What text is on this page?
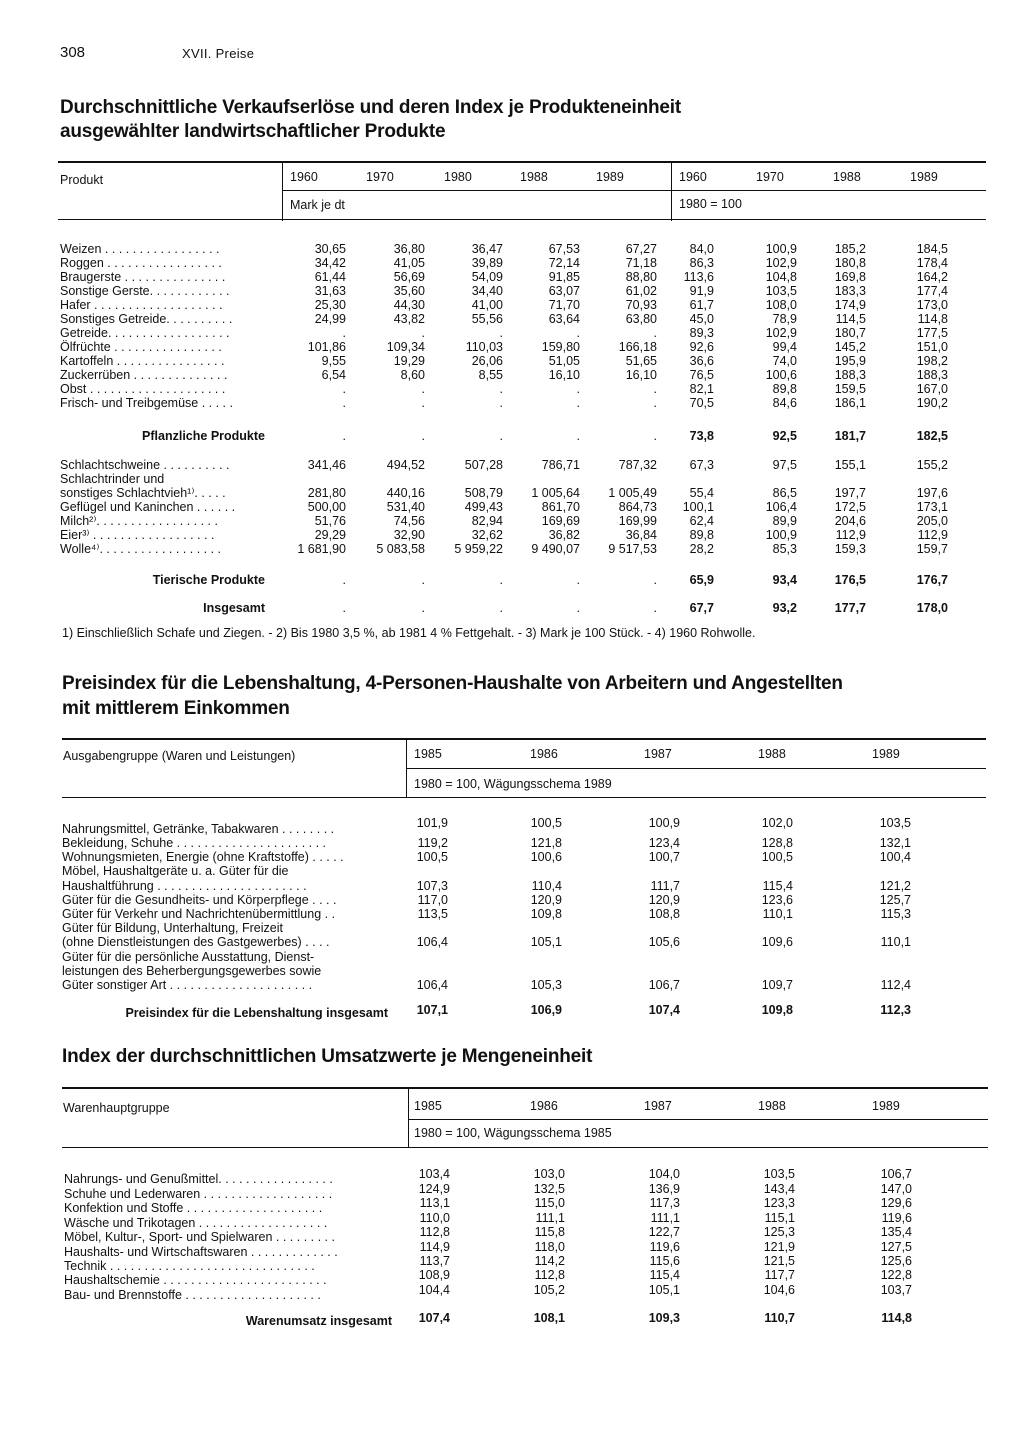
308	XVII. Preise
Durchschnittliche Verkaufserlöse und deren Index je Produkteneinheit
ausgewählter landwirtschaftlicher Produkte
Produkt
Mark je dt	1980 = 100
1) Einschließlich Schafe und Ziegen. - 2) Bis 1980 3,5 %, ab 1981 4 % Fettgehalt. - 3) Mark je 100 Stück. - 4) 1960 Rohwolle.
Preisindex für die Lebenshaltung, 4-Personen-Haushalte von Arbeitern und Angestellten
mit mittlerem Einkommen
Ausgabengruppe (Waren und Leistungen)
1980 = 100, Wägungsschema 1989
Index der durchschnittlichen Umsatzwerte je Mengeneinheit
Warenhauptgruppe
1980 = 100, Wägungsschema 1985
1960	1970	1980	1988	1989	1960	1970	1988	1989
Weizen . . . . . . . . . . . . . . . . .	30,65	36,80	36,47	67,53	67,27	84,0	100,9	185,2	184,5
Roggen . . . . . . . . . . . . . . . . .	34,42	41,05	39,89	72,14	71,18	86,3	102,9	180,8	178,4
Braugerste . . . . . . . . . . . . . . .	61,44	56,69	54,09	91,85	88,80	113,6	104,8	169,8	164,2
Sonstige Gerste. . . . . . . . . . . .	31,63	35,60	34,40	63,07	61,02	91,9	103,5	183,3	177,4
Hafer . . . . . . . . . . . . . . . . . . .	25,30	44,30	41,00	71,70	70,93	61,7	108,0	174,9	173,0
Sonstiges Getreide. . . . . . . . . .	24,99	43,82	55,56	63,64	63,80	45,0	78,9	114,5	114,8
Getreide. . . . . . . . . . . . . . . . . .	.	.	.	.	.	89,3	102,9	180,7	177,5
Ölfrüchte . . . . . . . . . . . . . . . .	101,86	109,34	110,03	159,80	166,18	92,6	99,4	145,2	151,0
Kartoffeln . . . . . . . . . . . . . . . .	9,55	19,29	26,06	51,05	51,65	36,6	74,0	195,9	198,2
Zuckerrüben . . . . . . . . . . . . . .	6,54	8,60	8,55	16,10	16,10	76,5	100,6	188,3	188,3
Obst . . . . . . . . . . . . . . . . . . . .	.	.	.	.	.	82,1	89,8	159,5	167,0
Frisch- und Treibgemüse . . . . .	.	.	.	.	.	70,5	84,6	186,1	190,2
Pflanzliche Produkte	.	.	.	.	.	73,8	92,5	181,7	182,5
Schlachtschweine . . . . . . . . . .	341,46	494,52	507,28	786,71	787,32	67,3	97,5	155,1	155,2
Schlachtrinder und
sonstiges Schlachtvieh¹⁾. . . . .	281,80	440,16	508,79	1 005,64	1 005,49	55,4	86,5	197,7	197,6
Geflügel und Kaninchen . . . . . .	500,00	531,40	499,43	861,70	864,73	100,1	106,4	172,5	173,1
Milch²⁾. . . . . . . . . . . . . . . . . .	51,76	74,56	82,94	169,69	169,99	62,4	89,9	204,6	205,0
Eier³⁾ . . . . . . . . . . . . . . . . . .	29,29	32,90	32,62	36,82	36,84	89,8	100,9	112,9	112,9
Wolle⁴⁾. . . . . . . . . . . . . . . . . .	1 681,90	5 083,58	5 959,22	9 490,07	9 517,53	28,2	85,3	159,3	159,7
Tierische Produkte	.	.	.	.	.	65,9	93,4	176,5	176,7
Insgesamt	.	.	.	.	.	67,7	93,2	177,7	178,0
1985	1986	1987	1988	1989
Nahrungsmittel, Getränke, Tabakwaren . . . . . . . .	101,9	100,5	100,9	102,0	103,5
Bekleidung, Schuhe . . . . . . . . . . . . . . . . . . . . . .	119,2	121,8	123,4	128,8	132,1
Wohnungsmieten, Energie (ohne Kraftstoffe) . . . . .	100,5	100,6	100,7	100,5	100,4
Möbel, Haushaltgeräte u. a. Güter für die
Haushaltführung . . . . . . . . . . . . . . . . . . . . . .	107,3	110,4	111,7	115,4	121,2
Güter für die Gesundheits- und Körperpflege . . . .	117,0	120,9	120,9	123,6	125,7
Güter für Verkehr und Nachrichtenübermittlung . .	113,5	109,8	108,8	110,1	115,3
Güter für Bildung, Unterhaltung, Freizeit
(ohne Dienstleistungen des Gastgewerbes) . . . .	106,4	105,1	105,6	109,6	110,1
Güter für die persönliche Ausstattung, Dienst-
leistungen des Beherbergungsgewerbes sowie
Güter sonstiger Art . . . . . . . . . . . . . . . . . . . . .	106,4	105,3	106,7	109,7	112,4
Preisindex für die Lebenshaltung insgesamt	107,1	106,9	107,4	109,8	112,3
1985	1986	1987	1988	1989
Nahrungs- und Genußmittel. . . . . . . . . . . . . . . . .	103,4	103,0	104,0	103,5	106,7
Schuhe und Lederwaren . . . . . . . . . . . . . . . . . . .	124,9	132,5	136,9	143,4	147,0
Konfektion und Stoffe . . . . . . . . . . . . . . . . . . . .	113,1	115,0	117,3	123,3	129,6
Wäsche und Trikotagen . . . . . . . . . . . . . . . . . . .	110,0	111,1	111,1	115,1	119,6
Möbel, Kultur-, Sport- und Spielwaren . . . . . . . . .	112,8	115,8	122,7	125,3	135,4
Haushalts- und Wirtschaftswaren . . . . . . . . . . . . .	114,9	118,0	119,6	121,9	127,5
Technik . . . . . . . . . . . . . . . . . . . . . . . . . . . . . .	113,7	114,2	115,6	121,5	125,6
Haushaltschemie . . . . . . . . . . . . . . . . . . . . . . . .	108,9	112,8	115,4	117,7	122,8
Bau- und Brennstoffe . . . . . . . . . . . . . . . . . . . .	104,4	105,2	105,1	104,6	103,7
Warenumsatz insgesamt	107,4	108,1	109,3	110,7	114,8
